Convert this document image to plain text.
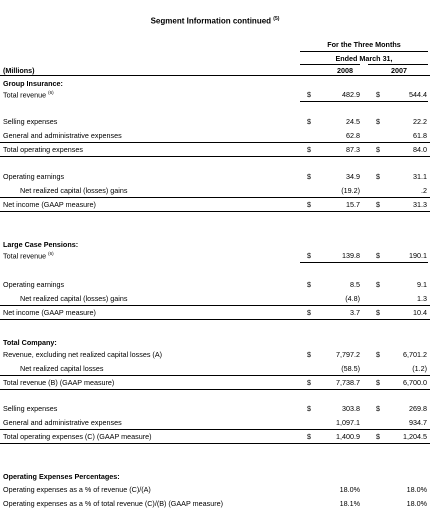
Segment Information continued $^{(5)}$
For the Three Months
Ended March 31,
(Millions)	2008	2007
Group Insurance:
Total revenue $^{(6)}$	$	482.9 $	544.4
Selling expenses	$	24.5 $	22.2
General and administrative expenses	62.8	61.8
Total operating expenses	$	87.3 $	84.0
Operating earnings	$	34.9 $	31.1
Net realized capital (losses) gains	(19.2)	.2
Net income (GAAP measure)	$	15.7 $	31.3
Large Case Pensions:
Total revenue $^{(6)}$	$	139.8 $	190.1
Operating earnings	$	8.5 $	9.1
Net realized capital (losses) gains	(4.8)	1.3
Net income (GAAP measure)	$	3.7 $	10.4
Total Company:
Revenue, excluding net realized capital losses (A)	$	7,797.2 $	6,701.2
Net realized capital losses	(58.5)	(1.2)
Total revenue (B) (GAAP measure)	$	7,738.7 $	6,700.0
Selling expenses	$	303.8 $	269.8
General and administrative expenses	1,097.1	934.7
Total operating expenses (C) (GAAP measure)	$	1,400.9 $	1,204.5
Operating Expenses Percentages:
Operating expenses as a % of revenue (C)/(A)	18.0%	18.0%
Operating expenses as a % of total revenue (C)/(B) (GAAP measure)	18.1%	18.0%
